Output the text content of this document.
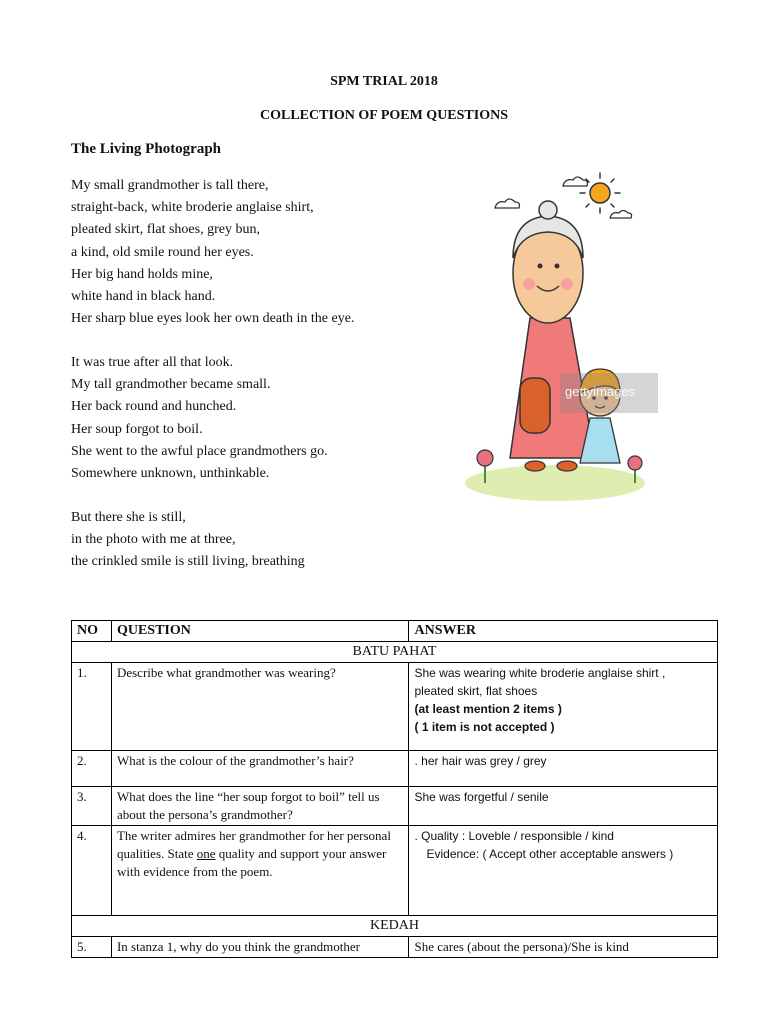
SPM TRIAL 2018
COLLECTION OF POEM QUESTIONS
The Living Photograph
My small grandmother is tall there,
straight-back, white broderie anglaise shirt,
pleated skirt, flat shoes, grey bun,
a kind, old smile round her eyes.
Her big hand holds mine,
white hand in black hand.
Her sharp blue eyes look her own death in the eye.
It was true after all that look.
My tall grandmother became small.
Her back round and hunched.
Her soup forgot to boil.
She went to the awful place grandmothers go.
Somewhere unknown, unthinkable.
But there she is still,
in the photo with me at three,
the crinkled smile is still living, breathing
gettyimages
NO	QUESTION	ANSWER
BATU PAHAT		
1.	Describe what grandmother was wearing?	She was wearing white broderie anglaise shirt ,
pleated skirt, flat shoes
(at least mention 2 items )
( 1 item is not accepted )

2.	What is the colour of the grandmother’s hair?	. her hair was grey / grey

3.	What does the line “her soup forgot to boil” tell us about the persona’s grandmother?	She was forgetful / senile

4.	The writer admires her grandmother for her personal qualities. State one quality and support your answer with evidence from the poem.	. Quality : Loveble / responsible / kind
Evidence: ( Accept other acceptable answers )

KEDAH		
5.	In stanza 1, why do you think the grandmother	She cares (about the persona)/She is kind
